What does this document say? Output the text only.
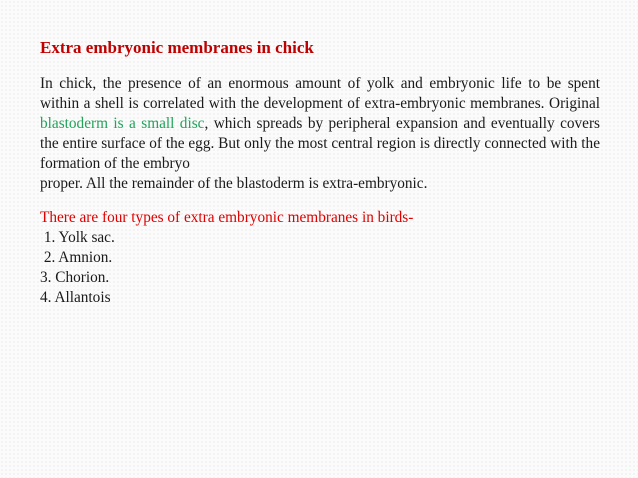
Extra embryonic membranes in chick

In chick, the presence of an enormous amount of yolk and embryonic life to be spent within a shell is correlated with the development of extra-embryonic membranes. Original blastoderm is a small disc, which spreads by peripheral expansion and eventually covers the entire surface of the egg. But only the most central region is directly connected with the formation of the embryo
proper. All the remainder of the blastoderm is extra-embryonic.

There are four types of extra embryonic membranes in birds-

1. Yolk sac.

2. Amnion.

3. Chorion.

4. Allantois
